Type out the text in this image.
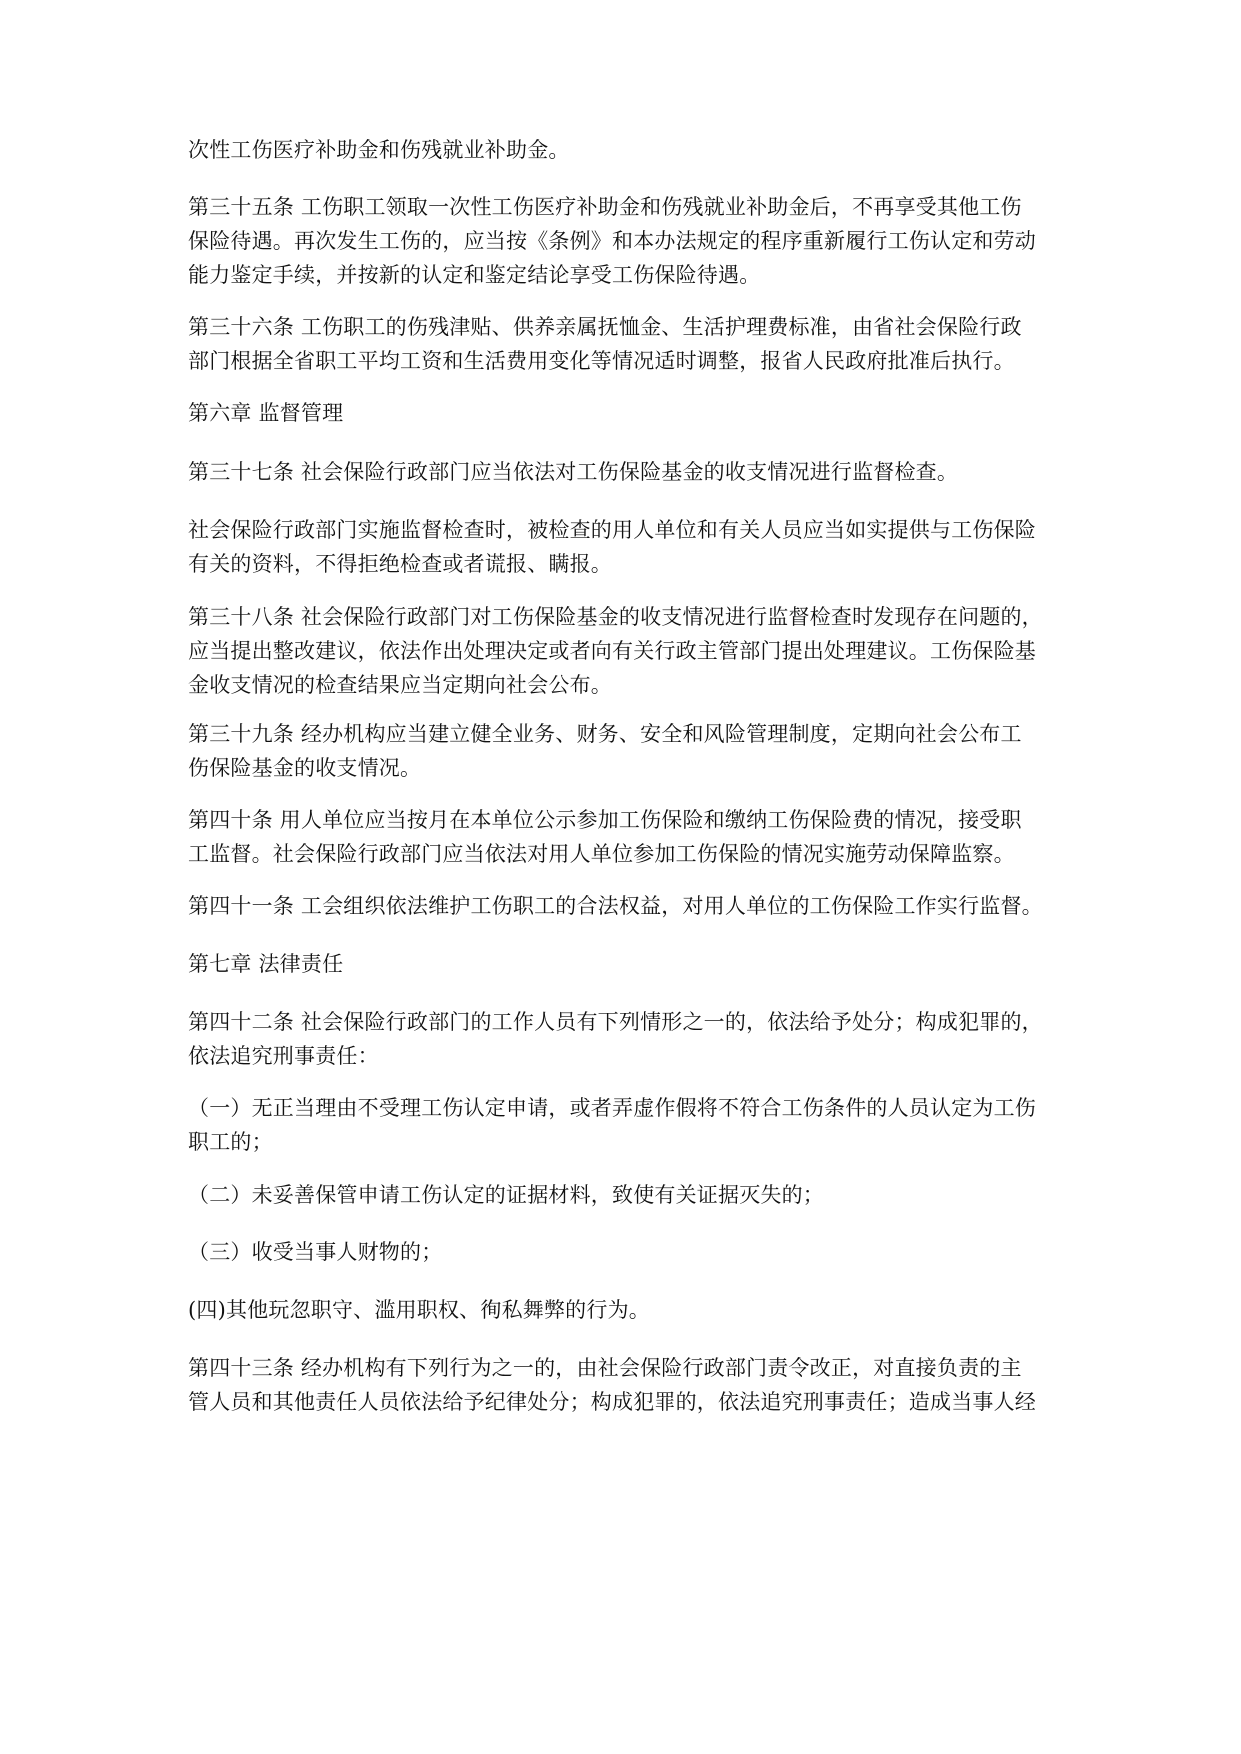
次性工伤医疗补助金和伤残就业补助金。
第三十五条 工伤职工领取一次性工伤医疗补助金和伤残就业补助金后，不再享受其他工伤
保险待遇。再次发生工伤的，应当按《条例》和本办法规定的程序重新履行工伤认定和劳动
能力鉴定手续，并按新的认定和鉴定结论享受工伤保险待遇。
第三十六条 工伤职工的伤残津贴、供养亲属抚恤金、生活护理费标准，由省社会保险行政
部门根据全省职工平均工资和生活费用变化等情况适时调整，报省人民政府批准后执行。
第六章 监督管理
第三十七条 社会保险行政部门应当依法对工伤保险基金的收支情况进行监督检查。
社会保险行政部门实施监督检查时，被检查的用人单位和有关人员应当如实提供与工伤保险
有关的资料，不得拒绝检查或者谎报、瞒报。
第三十八条 社会保险行政部门对工伤保险基金的收支情况进行监督检查时发现存在问题的，
应当提出整改建议，依法作出处理决定或者向有关行政主管部门提出处理建议。工伤保险基
金收支情况的检查结果应当定期向社会公布。
第三十九条 经办机构应当建立健全业务、财务、安全和风险管理制度，定期向社会公布工
伤保险基金的收支情况。
第四十条 用人单位应当按月在本单位公示参加工伤保险和缴纳工伤保险费的情况，接受职
工监督。社会保险行政部门应当依法对用人单位参加工伤保险的情况实施劳动保障监察。
第四十一条 工会组织依法维护工伤职工的合法权益，对用人单位的工伤保险工作实行监督。
第七章 法律责任
第四十二条 社会保险行政部门的工作人员有下列情形之一的，依法给予处分；构成犯罪的，
依法追究刑事责任：
（一）无正当理由不受理工伤认定申请，或者弄虚作假将不符合工伤条件的人员认定为工伤
职工的；
（二）未妥善保管申请工伤认定的证据材料，致使有关证据灭失的；
（三）收受当事人财物的；
(四)其他玩忽职守、滥用职权、徇私舞弊的行为。
第四十三条 经办机构有下列行为之一的，由社会保险行政部门责令改正，对直接负责的主
管人员和其他责任人员依法给予纪律处分；构成犯罪的，依法追究刑事责任；造成当事人经
